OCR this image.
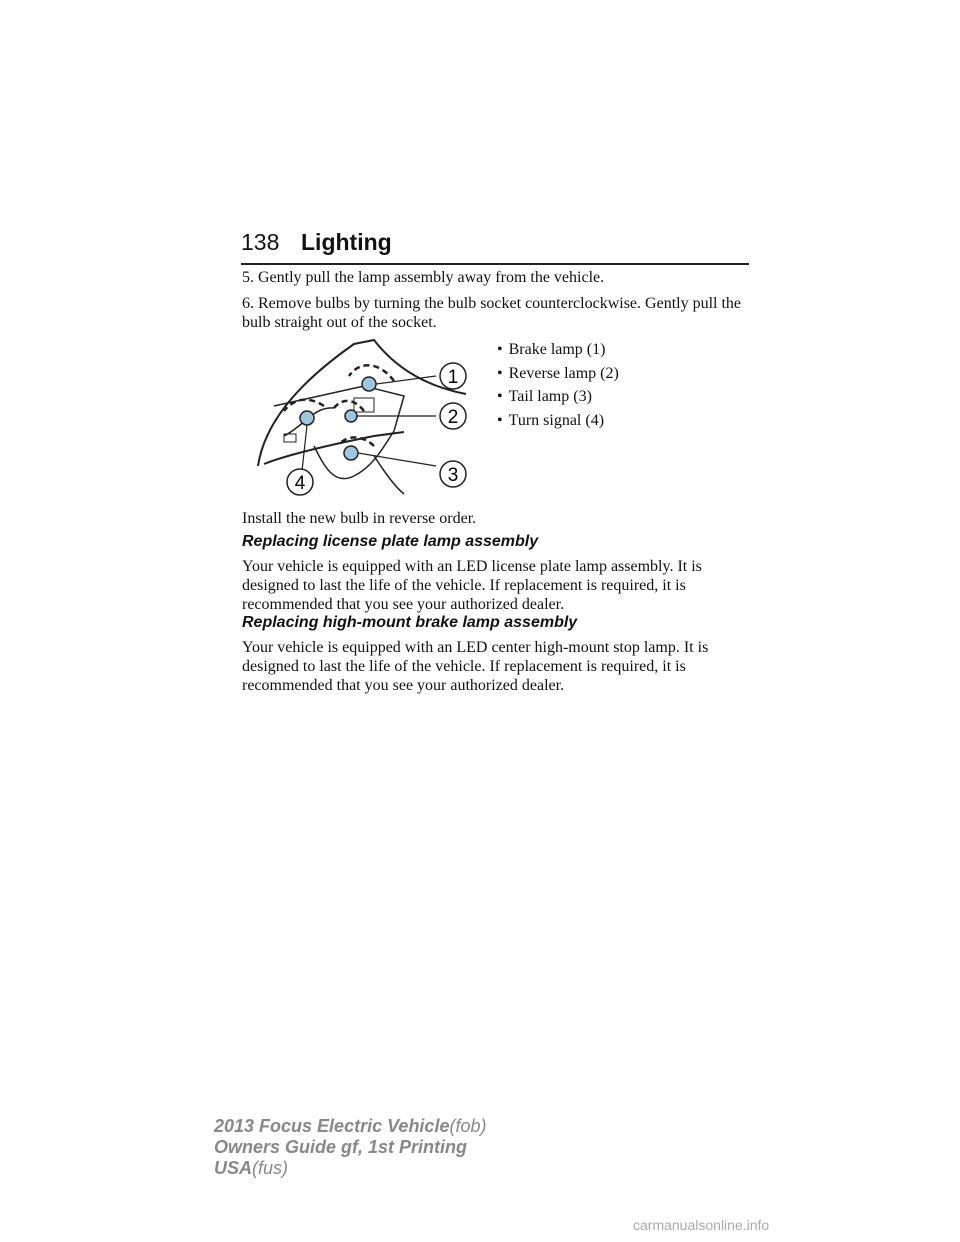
138 Lighting
5. Gently pull the lamp assembly away from the vehicle.
6. Remove bulbs by turning the bulb socket counterclockwise. Gently pull the bulb straight out of the socket.
1
2
3
4
• Brake lamp (1)
• Reverse lamp (2)
• Tail lamp (3)
• Turn signal (4)
Install the new bulb in reverse order.
Replacing license plate lamp assembly
Your vehicle is equipped with an LED license plate lamp assembly. It is designed to last the life of the vehicle. If replacement is required, it is recommended that you see your authorized dealer.
Replacing high-mount brake lamp assembly
Your vehicle is equipped with an LED center high-mount stop lamp. It is designed to last the life of the vehicle. If replacement is required, it is recommended that you see your authorized dealer.
2013 Focus Electric Vehicle(fob)
Owners Guide gf, 1st Printing
USA(fus)
carmanualsonline.info
